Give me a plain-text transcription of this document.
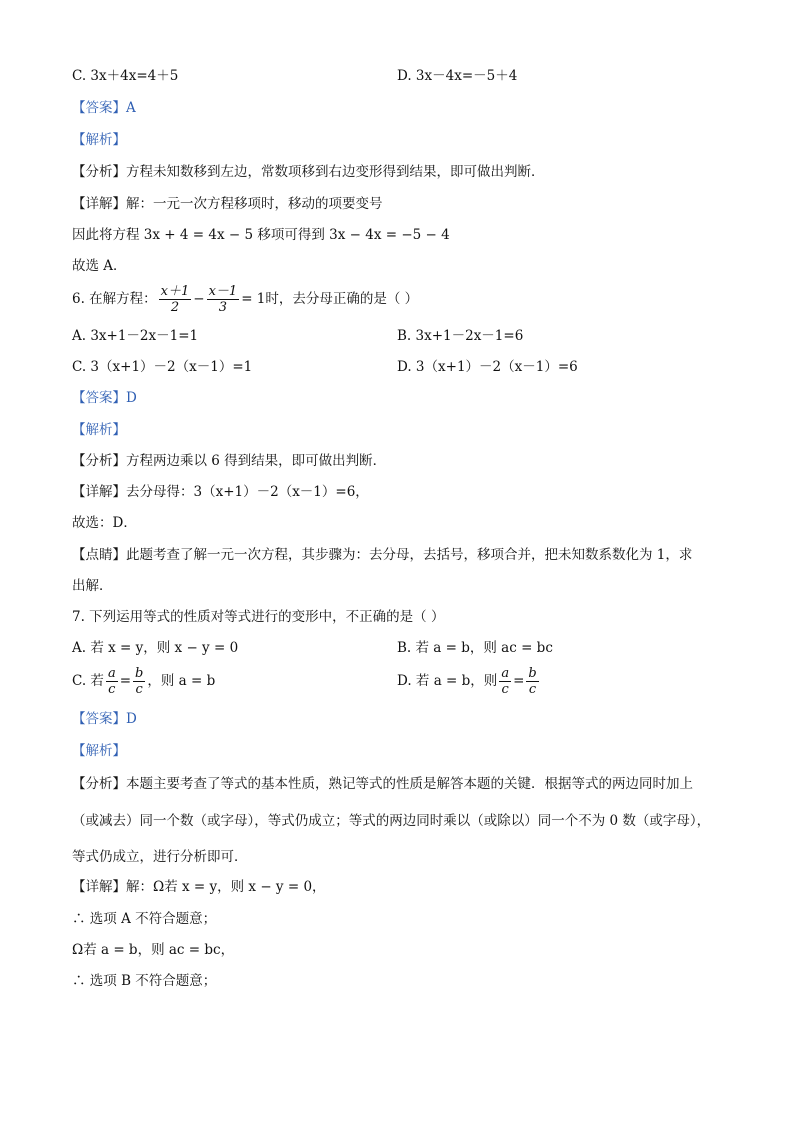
C. 3x＋4x=4＋5	D. 3x－4x=－5＋4
【答案】A
【解析】
【分析】方程未知数移到左边，常数项移到右边变形得到结果，即可做出判断．
【详解】解：一元一次方程移项时，移动的项要变号
因此将方程 3x + 4 = 4x − 5 移项可得到 3x − 4x = −5 − 4
故选 A．
6. 在解方程： $\frac{x+1}{2} - \frac{x-1}{3} = 1$时，去分母正确的是（ ）
A. 3x+1－2x－1=1	B. 3x+1－2x－1=6
C. 3（x+1）－2（x－1）=1	D. 3（x+1）－2（x－1）=6
【答案】D
【解析】
【分析】方程两边乘以 6 得到结果，即可做出判断．
【详解】去分母得：3（x+1）－2（x－1）=6，
故选：D．
【点睛】此题考查了解一元一次方程，其步骤为：去分母，去括号，移项合并，把未知数系数化为 1，求
出解．
7. 下列运用等式的性质对等式进行的变形中，不正确的是（ ）
A. 若 x = y，则 x − y = 0	B. 若 a = b，则 ac = bc
C. 若 $\frac{a}{c} = \frac{b}{c}$ ，则 a = b	D. 若 a = b，则 $\frac{a}{c} = \frac{b}{c}$
【答案】D
【解析】
【分析】本题主要考查了等式的基本性质，熟记等式的性质是解答本题的关键．根据等式的两边同时加上
（或减去）同一个数（或字母），等式仍成立；等式的两边同时乘以（或除以）同一个不为 0 数（或字母），
等式仍成立，进行分析即可．
【详解】解：Ω若 x = y，则 x − y = 0，
∴ 选项 A 不符合题意；
Ω若 a = b，则 ac = bc，
∴ 选项 B 不符合题意；
